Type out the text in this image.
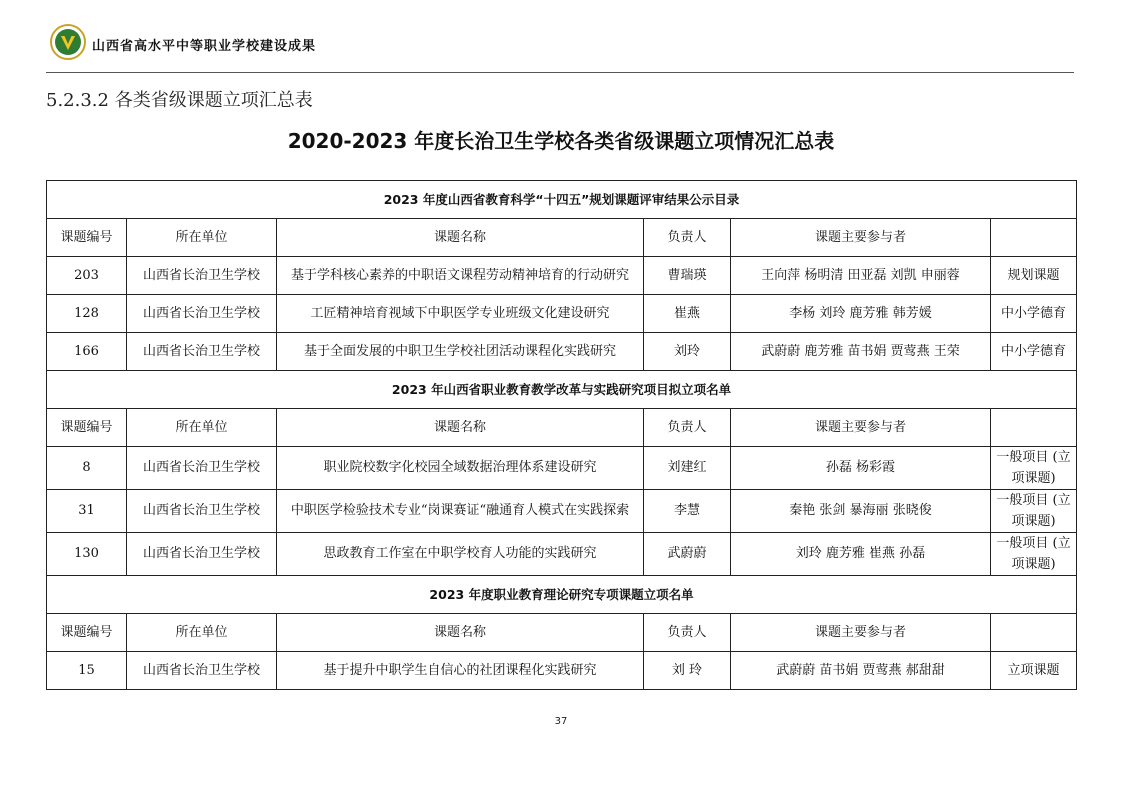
山西省高水平中等职业学校建设成果
5.2.3.2 各类省级课题立项汇总表
2020-2023 年度长治卫生学校各类省级课题立项情况汇总表
2023 年度山西省教育科学“十四五”规划课题评审结果公示目录					
课题编号	所在单位	课题名称	负责人	课题主要参与者	
203	山西省长治卫生学校	基于学科核心素养的中职语文课程劳动精神培育的行动研究	曹瑞瑛	王向萍 杨明清 田亚磊 刘凯 申丽蓉	规划课题
128	山西省长治卫生学校	工匠精神培育视域下中职医学专业班级文化建设研究	崔燕	李杨 刘玲 鹿芳雅 韩芳媛	中小学德育
166	山西省长治卫生学校	基于全面发展的中职卫生学校社团活动课程化实践研究	刘玲	武蔚蔚 鹿芳雅 苗书娟 贾莺燕 王荣	中小学德育
2023 年山西省职业教育教学改革与实践研究项目拟立项名单					
课题编号	所在单位	课题名称	负责人	课题主要参与者	
8	山西省长治卫生学校	职业院校数字化校园全域数据治理体系建设研究	刘建红	孙磊 杨彩霞	一般项目 (立项课题)
31	山西省长治卫生学校	中职医学检验技术专业“岗课赛证“融通育人模式在实践探索	李慧	秦艳 张剑 暴海丽 张晓俊	一般项目 (立项课题)
130	山西省长治卫生学校	思政教育工作室在中职学校育人功能的实践研究	武蔚蔚	刘玲 鹿芳雅 崔燕 孙磊	一般项目 (立项课题)
2023 年度职业教育理论研究专项课题立项名单					
课题编号	所在单位	课题名称	负责人	课题主要参与者	
15	山西省长治卫生学校	基于提升中职学生自信心的社团课程化实践研究	刘 玲	武蔚蔚 苗书娟 贾莺燕 郝甜甜	立项课题
37
